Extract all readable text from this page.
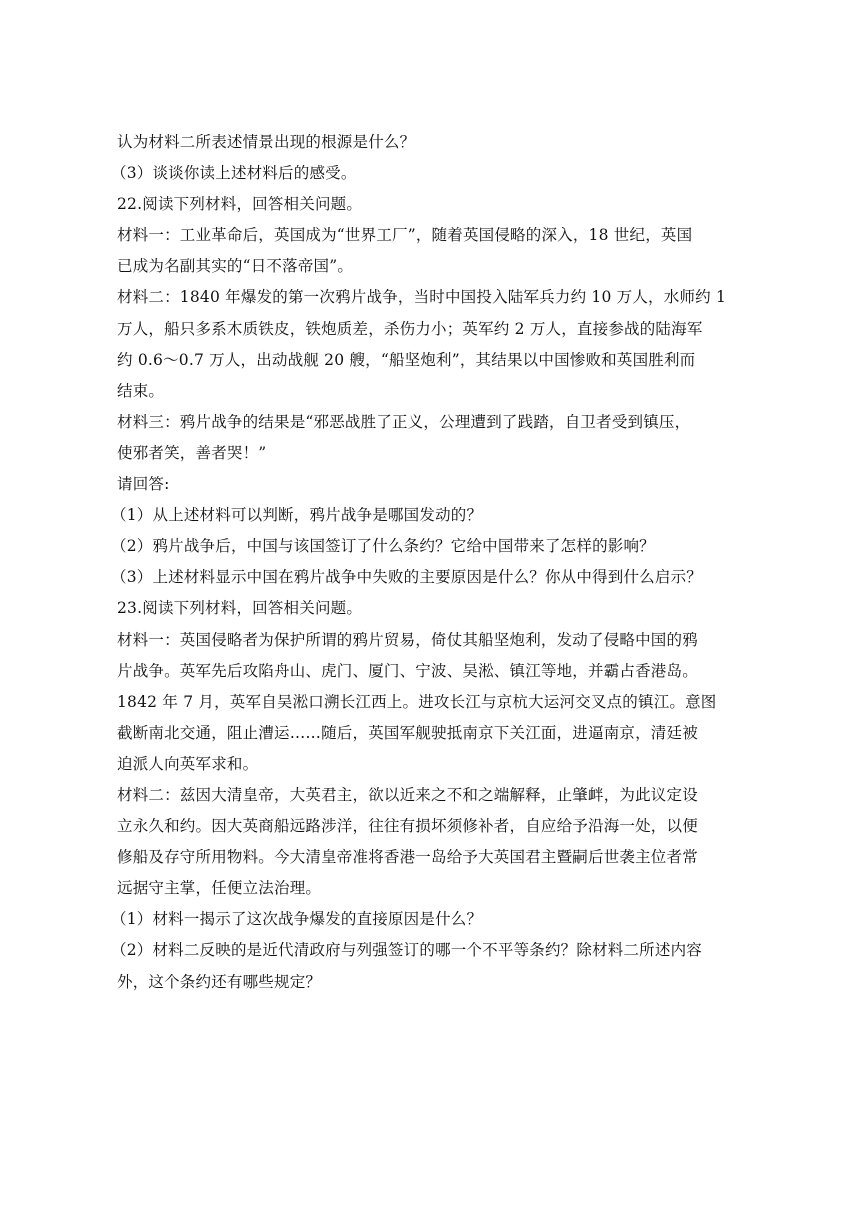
认为材料二所表述情景出现的根源是什么？
（3）谈谈你读上述材料后的感受。
22.阅读下列材料，回答相关问题。
材料一：工业革命后，英国成为“世界工厂”，随着英国侵略的深入，18 世纪，英国
已成为名副其实的“日不落帝国”。
材料二：1840 年爆发的第一次鸦片战争，当时中国投入陆军兵力约 10 万人，水师约 1
万人，船只多系木质铁皮，铁炮质差，杀伤力小；英军约 2 万人，直接参战的陆海军
约 0.6～0.7 万人，出动战舰 20 艘，“船坚炮利”，其结果以中国惨败和英国胜利而
结束。
材料三：鸦片战争的结果是“邪恶战胜了正义，公理遭到了践踏，自卫者受到镇压，
使邪者笑，善者哭！”
请回答:
（1）从上述材料可以判断，鸦片战争是哪国发动的？
（2）鸦片战争后，中国与该国签订了什么条约？它给中国带来了怎样的影响？
（3）上述材料显示中国在鸦片战争中失败的主要原因是什么？你从中得到什么启示？
23.阅读下列材料，回答相关问题。
材料一：英国侵略者为保护所谓的鸦片贸易，倚仗其船坚炮利，发动了侵略中国的鸦
片战争。英军先后攻陷舟山、虎门、厦门、宁波、吴淞、镇江等地，并霸占香港岛。
1842 年 7 月，英军自吴淞口溯长江西上。进攻长江与京杭大运河交叉点的镇江。意图
截断南北交通，阻止漕运……随后，英国军舰驶抵南京下关江面，进逼南京，清廷被
迫派人向英军求和。
材料二：兹因大清皇帝，大英君主，欲以近来之不和之端解释，止肇衅，为此议定设
立永久和约。因大英商船远路涉洋，往往有损坏须修补者，自应给予沿海一处，以便
修船及存守所用物料。今大清皇帝准将香港一岛给予大英国君主暨嗣后世袭主位者常
远据守主掌，任便立法治理。
（1）材料一揭示了这次战争爆发的直接原因是什么？
（2）材料二反映的是近代清政府与列强签订的哪一个不平等条约？除材料二所述内容
外，这个条约还有哪些规定？
